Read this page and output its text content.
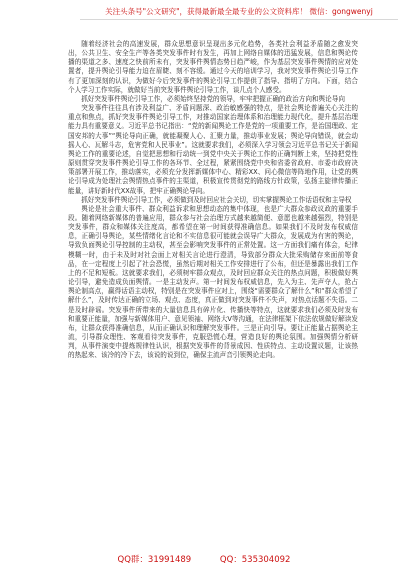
关注头条号"公文研究"，获得最新最全最专业的公文资料库！ 微信：gongwenyj

随着经济社会的高速发展，群众思想意识呈现出多元化趋势，各类社会利益矛盾随之愈发突出，公共卫生、安全生产等各类突发事件时有发生，再加上网络自媒体的迅猛发展，信息和舆论传播的渠道之多、速度之快前所未有，突发事件舆情态势日趋严峻，作为基层突发事件舆情的应对处置者，提升舆论引导能力迫在眉睫、刻不容缓。通过今天的培训学习，我对突发事件舆论引导工作有了更加深刻的认识，为做好今后突发事件的舆论引导工作提供了指导、指明了方向。下面，结合个人学习工作实际，就做好当前突发事件舆论引导工作，谈几点个人感受。

抓好突发事件舆论引导工作，必须始终坚持党的领导，牢牢把握正确的政治方向和舆论导向

突发事件往往具有涉及利益广、矛盾问题深、政治敏感强的特点，是社会舆论普遍关心关注的重点和焦点，抓好突发事件舆论引导工作，对推动国家治理体系和治理能力现代化，提升基层治理能力具有重要意义。习近平总书记指出：“党的新闻舆论工作是党的一项重要工作，是治国理政、定国安邦的大事”“舆论导向正确，就能凝聚人心、汇聚力量，推动事业发展；舆论导向错误，就会动摇人心、瓦解斗志，危害党和人民事业”。这就要求我们，必须深入学习领会习近平总书记关于新闻舆论工作的重要论述，自觉把思想和行动统一到党中央关于舆论工作的正确判断上来，坚持把党性原则贯穿突发事件舆论引导工作的各环节、全过程，紧紧围绕党中央和省委省政府、市委市政府决策部署开展工作，推动落实，必须充分发挥新媒体中心、精彩XX、问心微信等阵地作用，让党的舆论引导成为处理社会舆情热点事件的主渠道，积极宣传贯彻党的路线方针政策，弘扬主旋律传播正能量，讲好新时代XX故事，把牢正确舆论导向。

抓好突发事件舆论引导工作，必须做到及时回应社会关切，切实掌握舆论工作话语权和主导权

舆论是社会重大事件、群众利益诉求和思想动态的集中体现，也是广大群众参政议政的重要手段。随着网络新媒体的普遍应用，群众参与社会治理方式越来越简便、意愿也越来越强烈，特别是突发事件，群众和媒体关注度高，都希望在第一时间获得准确信息。如果我们不及时发布权威信息，正确引导舆论，某些情绪化言论和不实信息很可能就会误导广大群众，发展成为有害的舆论，导致负面舆论引导控制的主动权，甚至会影响突发事件的正常处置。这一方面我们痛有体会，纪律模糊一时，由于未及时对社会面上对相关言论进行澄清，导致部分群众大批采购储存来面前等食品，在一定程度上引起了社会恐慌，虽然后期对相关工作安排进行了公布，但还是暴露出我们工作上的不足和短板。这就要求我们，必须树牢群众观点，及时回应群众关注的热点问题，积极做好舆论引导，避免造成负面舆情。一是主动发声。第一时间发布权威信息，先入为主、先声夺人，抢占舆论制高点，赢得话语主动权，特别是在突发事件应对上，围绕“需要群众了解什么”和“群众希望了解什么”，及时传达正确的立场、观点、态度，真正做到对突发事件不失声，对热点话题不失语。二是及时辟谣。突发事件所带来的大量信息具有碎片化、传播快等特点，这就要求我们必须及时发布和重要正能量，加强与新媒体用户、意见领袖、网络大V等沟通，在法律框架下依法依规做好解读发布，让群众获得准确信息，从而正确认识和理解突发事件。三是正向引导。要让正能量占据舆论主流，引导群众理性、客观看待突发事件，克服恐慌心理，营造良好的舆论氛围。加强舆情分析研判，从事件演变中提炼规律性认识，根据突发事件的背景成因、性质特点、主动设置议题，让该热的热起来、该冷的冷下去，该说的说到位，确保主流声音引领舆论走向。

QQ群：31991489	QQ：535304092
